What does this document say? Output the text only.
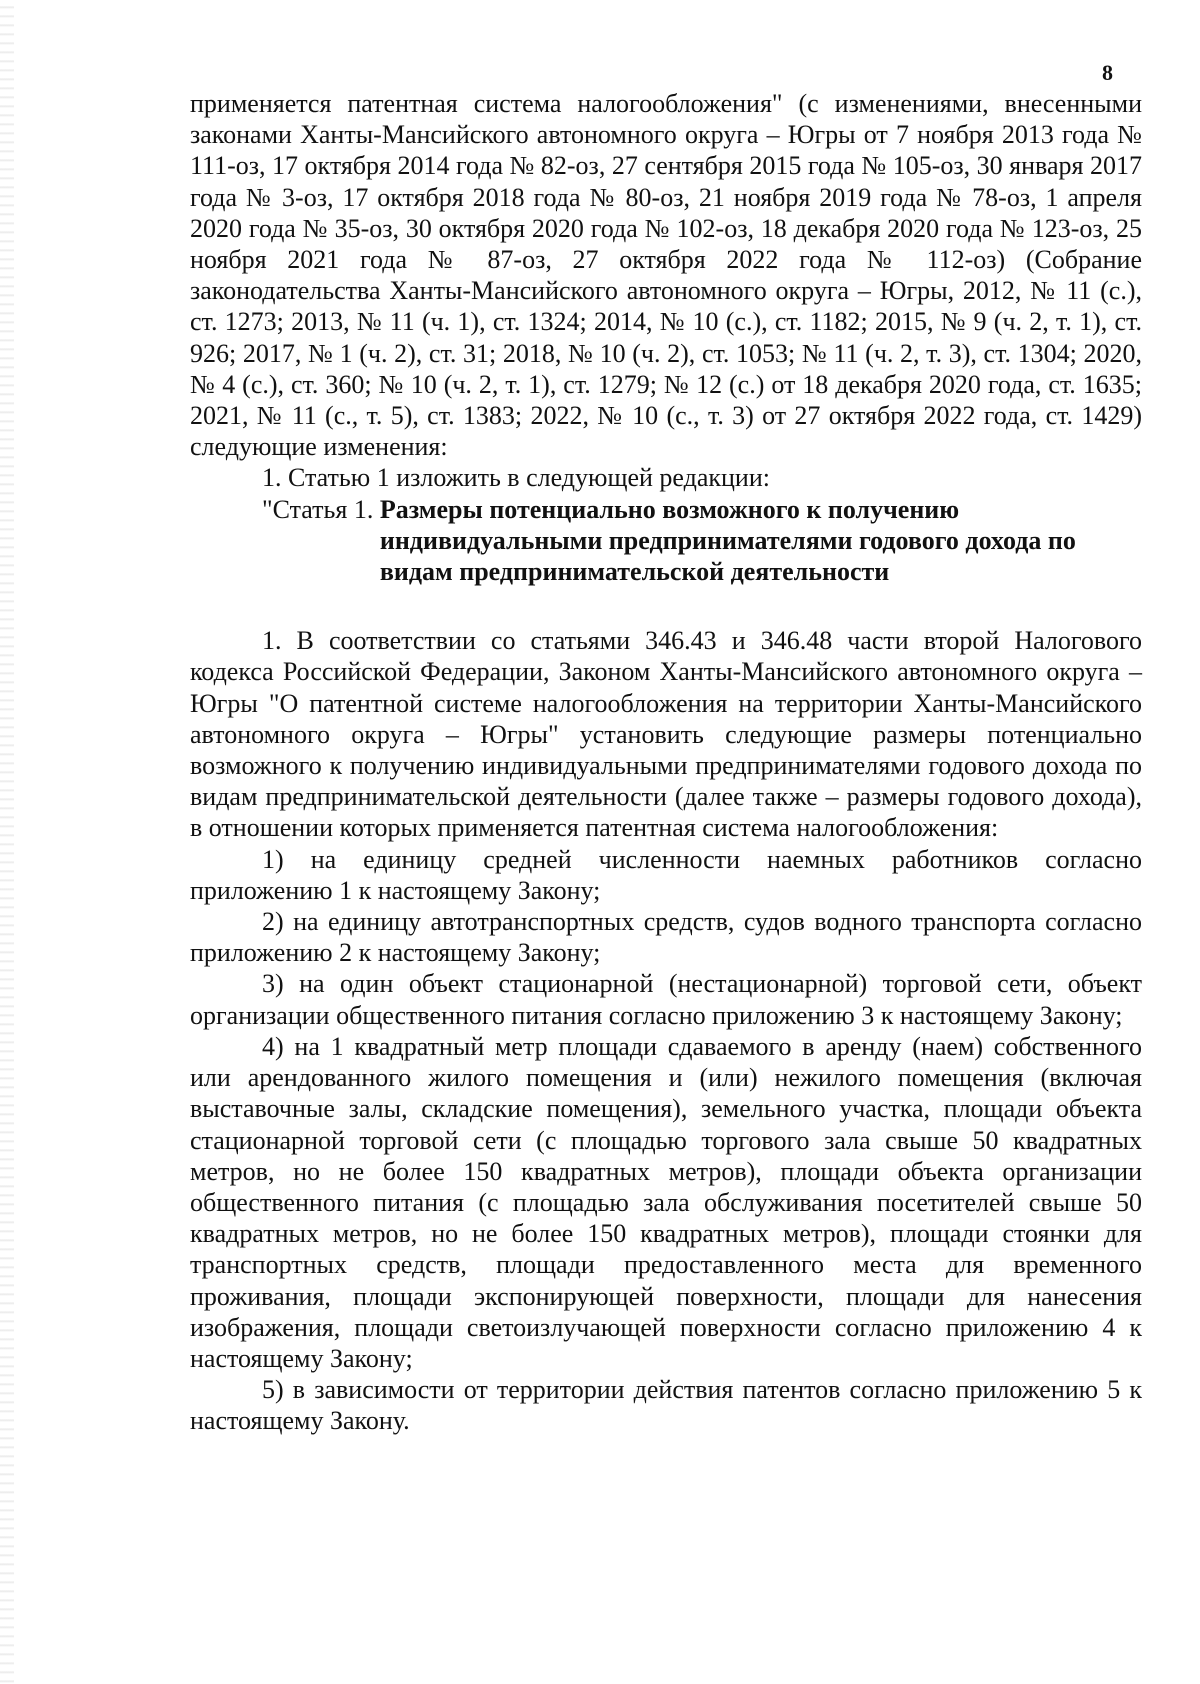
8

применяется патентная система налогообложения" (с изменениями, внесенными законами Ханты-Мансийского автономного округа – Югры от 7 ноября 2013 года № 111-оз, 17 октября 2014 года № 82-оз, 27 сентября 2015 года № 105-оз, 30 января 2017 года № 3-оз, 17 октября 2018 года № 80-оз, 21 ноября 2019 года № 78-оз, 1 апреля 2020 года № 35-оз, 30 октября 2020 года № 102-оз, 18 декабря 2020 года № 123-оз, 25 ноября 2021 года № 87-оз, 27 октября 2022 года № 112-оз) (Собрание законодательства Ханты-Мансийского автономного округа – Югры, 2012, № 11 (с.), ст. 1273; 2013, № 11 (ч. 1), ст. 1324; 2014, № 10 (с.), ст. 1182; 2015, № 9 (ч. 2, т. 1), ст. 926; 2017, № 1 (ч. 2), ст. 31; 2018, № 10 (ч. 2), ст. 1053; № 11 (ч. 2, т. 3), ст. 1304; 2020, № 4 (с.), ст. 360; № 10 (ч. 2, т. 1), ст. 1279; № 12 (с.) от 18 декабря 2020 года, ст. 1635; 2021, № 11 (с., т. 5), ст. 1383; 2022, № 10 (с., т. 3) от 27 октября 2022 года, ст. 1429) следующие изменения:

1. Статью 1 изложить в следующей редакции:

"Статья 1. Размеры потенциально возможного к получению индивидуальными предпринимателями годового дохода по видам предпринимательской деятельности

1. В соответствии со статьями 346.43 и 346.48 части второй Налогового кодекса Российской Федерации, Законом Ханты-Мансийского автономного округа – Югры "О патентной системе налогообложения на территории Ханты-Мансийского автономного округа – Югры" установить следующие размеры потенциально возможного к получению индивидуальными предпринимателями годового дохода по видам предпринимательской деятельности (далее также – размеры годового дохода), в отношении которых применяется патентная система налогообложения:

1) на единицу средней численности наемных работников согласно приложению 1 к настоящему Закону;

2) на единицу автотранспортных средств, судов водного транспорта согласно приложению 2 к настоящему Закону;

3) на один объект стационарной (нестационарной) торговой сети, объект организации общественного питания согласно приложению 3 к настоящему Закону;

4) на 1 квадратный метр площади сдаваемого в аренду (наем) собственного или арендованного жилого помещения и (или) нежилого помещения (включая выставочные залы, складские помещения), земельного участка, площади объекта стационарной торговой сети (с площадью торгового зала свыше 50 квадратных метров, но не более 150 квадратных метров), площади объекта организации общественного питания (с площадью зала обслуживания посетителей свыше 50 квадратных метров, но не более 150 квадратных метров), площади стоянки для транспортных средств, площади предоставленного места для временного проживания, площади экспонирующей поверхности, площади для нанесения изображения, площади светоизлучающей поверхности согласно приложению 4 к настоящему Закону;

5) в зависимости от территории действия патентов согласно приложению 5 к настоящему Закону.
